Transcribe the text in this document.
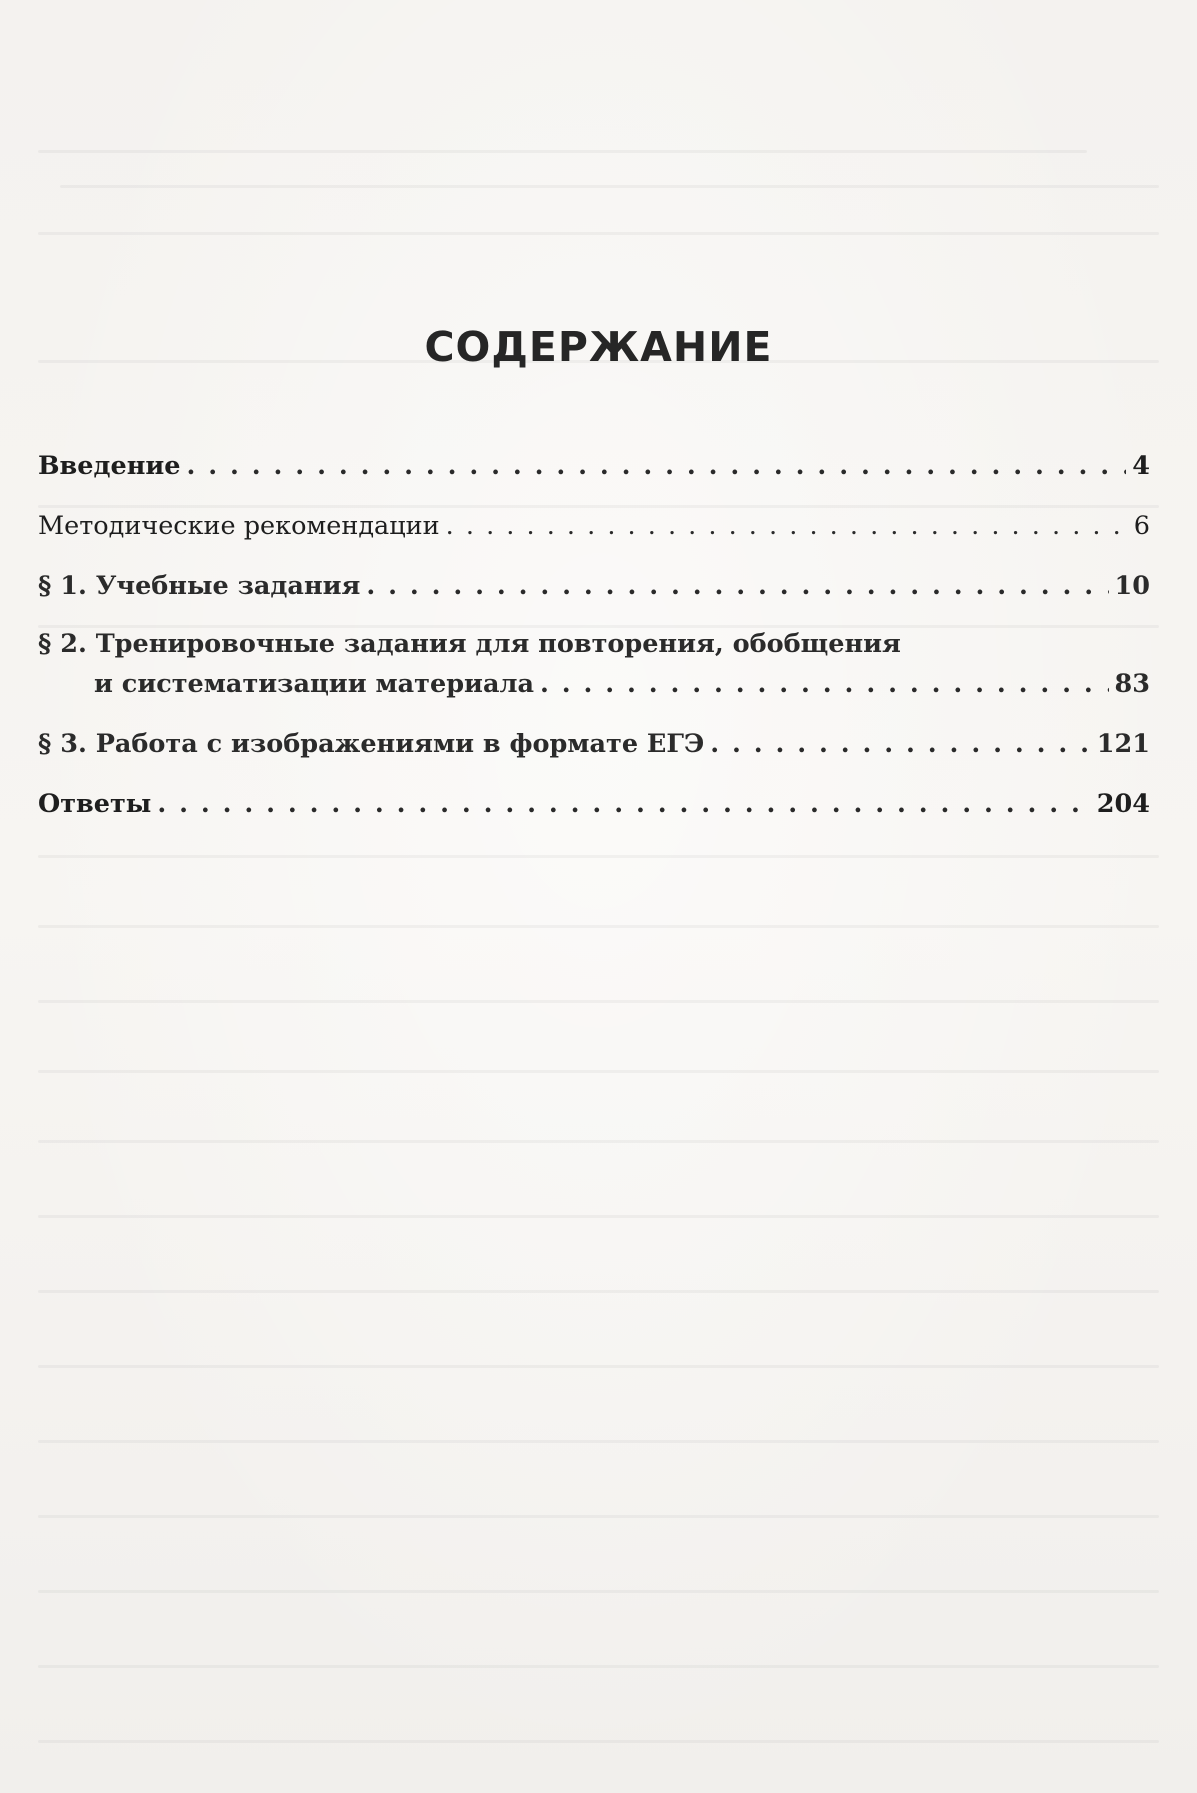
СОДЕРЖАНИЕ
Введение . . .	4
Методические рекомендации . . .	6
§ 1. Учебные задания . . .	10
§ 2. Тренировочные задания для повторения, обобщения
и систематизации материала . . .	83
§ 3. Работа с изображениями в формате ЕГЭ . . .	121
Ответы . . .	204
